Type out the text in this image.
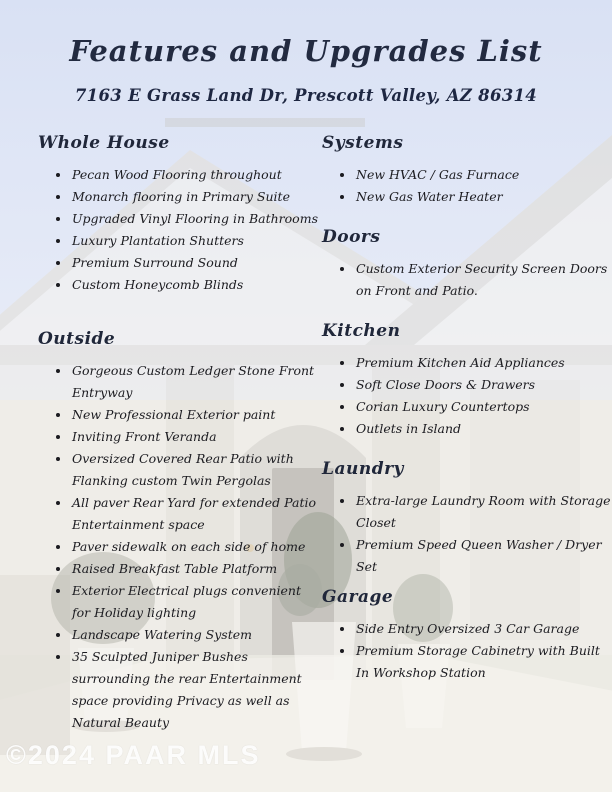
Features and Upgrades List
7163 E Grass Land Dr, Prescott Valley, AZ 86314
Whole House
Pecan Wood Flooring throughout
Monarch flooring in Primary Suite
Upgraded Vinyl Flooring in Bathrooms
Luxury Plantation Shutters
Premium Surround Sound
Custom Honeycomb Blinds
Outside
Gorgeous Custom Ledger Stone Front Entryway
New Professional Exterior paint
Inviting Front Veranda
Oversized Covered Rear Patio with Flanking custom Twin Pergolas
All paver Rear Yard for extended Patio Entertainment space
Paver sidewalk on each side of home
Raised Breakfast Table Platform
Exterior Electrical plugs convenient for Holiday lighting
Landscape Watering System
35 Sculpted Juniper Bushes surrounding the rear Entertainment space providing Privacy as well as Natural Beauty
Systems
New HVAC / Gas Furnace
New Gas Water Heater
Doors
Custom Exterior Security Screen Doors on Front and Patio.
Kitchen
Premium Kitchen Aid Appliances
Soft Close Doors & Drawers
Corian Luxury Countertops
Outlets in Island
Laundry
Extra-large Laundry Room with Storage Closet
Premium Speed Queen Washer / Dryer Set
Garage
Side Entry Oversized 3 Car Garage
Premium Storage Cabinetry with Built In Workshop Station
©2024 PAAR MLS
